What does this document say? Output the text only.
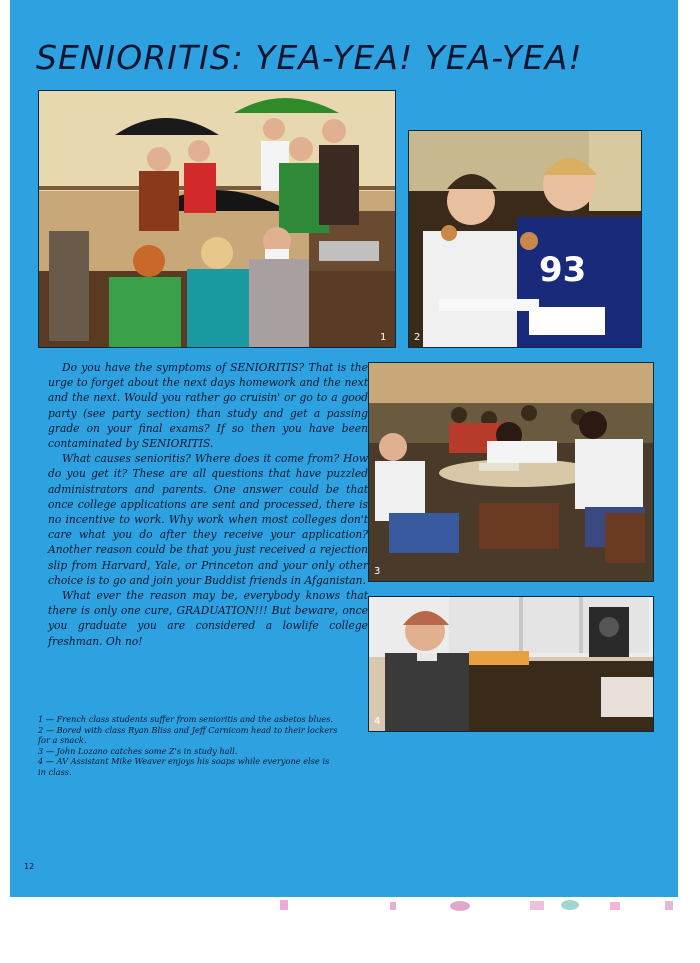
SENIORITIS: YEA-YEA! YEA-YEA!
1
93
2
3
4

Do you have the symptoms of SENIORITIS? That is the urge to forget about the next days homework and the next and the next. Would you rather go cruisin' or go to a good party (see party section) than study and get a passing grade on your final exams? If so then you have been contaminated by SENIORITIS.

What causes senioritis? Where does it come from? How do you get it? These are all questions that have puzzled administrators and parents. One answer could be that once college applications are sent and processed, there is no incentive to work. Why work when most colleges don't care what you do after they receive your application? Another reason could be that you just received a rejection slip from Harvard, Yale, or Princeton and your only other choice is to go and join your Buddist friends in Afganistan.

What ever the reason may be, everybody knows that there is only one cure, GRADUATION!!! But beware, once you graduate you are considered a lowlife college freshman. Oh no!

1 — French class students suffer from senioritis and the asbetos blues.
2 — Bored with class Ryan Bliss and Jeff Carnicom head to their lockers for a snack.
3 — John Lozano catches some Z's in study hall.
4 — AV Assistant Mike Weaver enjoys his soaps while everyone else is in class.
12
